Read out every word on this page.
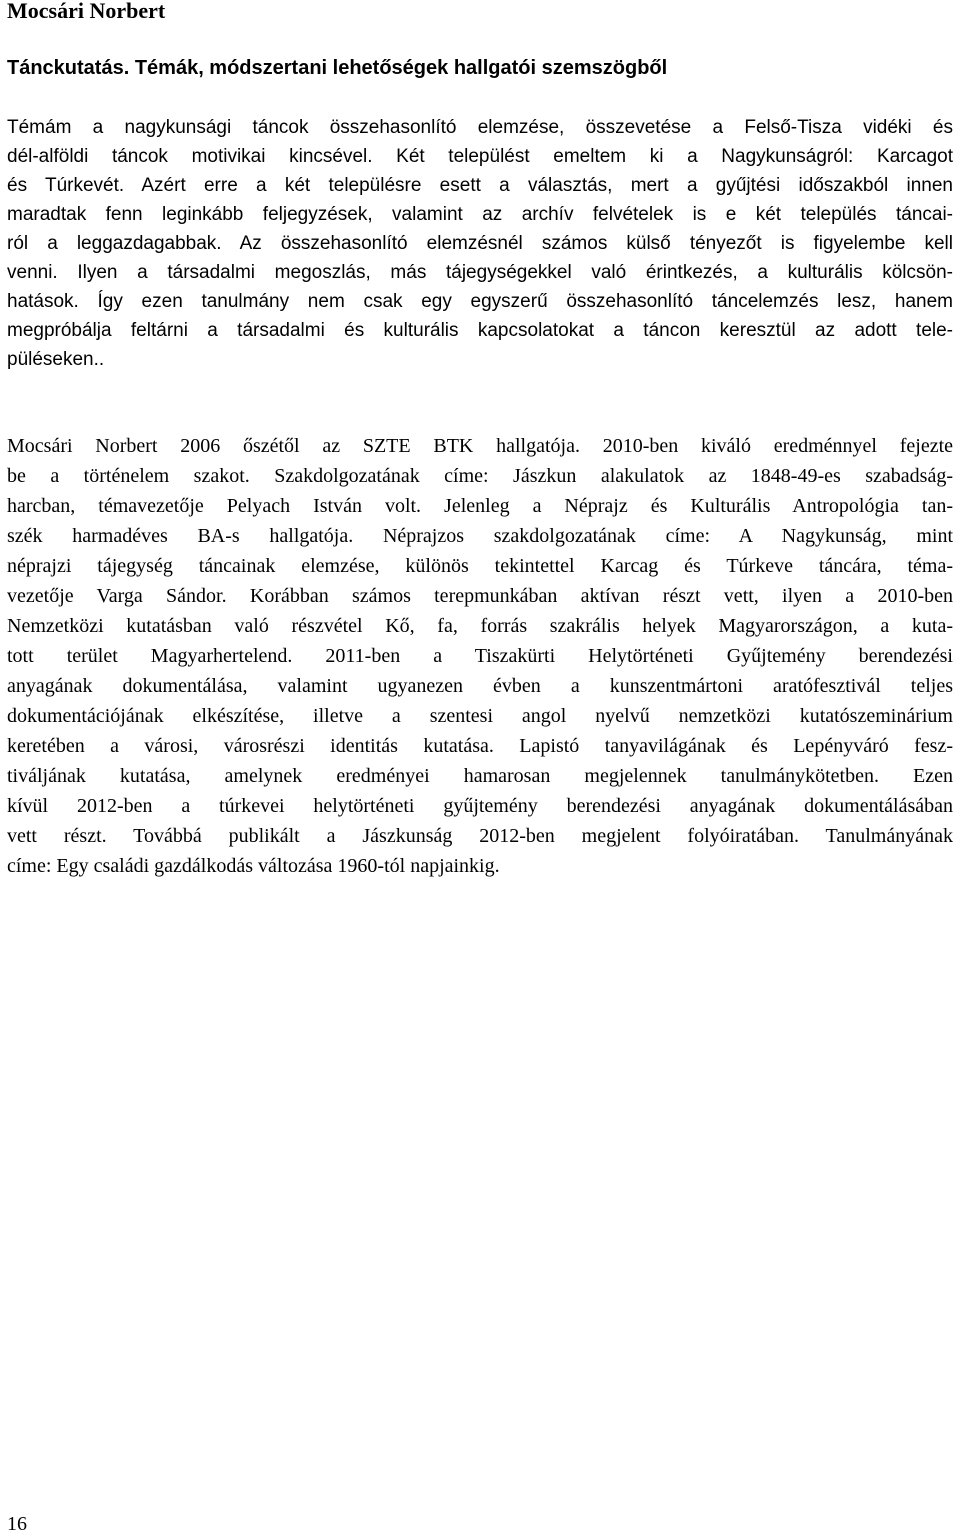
Mocsári Norbert
Tánckutatás. Témák, módszertani lehetőségek hallgatói szemszögből

Témám a nagykunsági táncok összehasonlító elemzése, összevetése a Felső-Tisza vidéki és
dél-alföldi táncok motivikai kincsével. Két települést emeltem ki a Nagykunságról: Karcagot
és Túrkevét. Azért erre a két településre esett a választás, mert a gyűjtési időszakból innen
maradtak fenn leginkább feljegyzések, valamint az archív felvételek is e két település táncai-
ról a leggazdagabbak. Az összehasonlító elemzésnél számos külső tényezőt is figyelembe kell
venni. Ilyen a társadalmi megoszlás, más tájegységekkel való érintkezés, a kulturális kölcsön-
hatások. Így ezen tanulmány nem csak egy egyszerű összehasonlító táncelemzés lesz, hanem
megpróbálja feltárni a társadalmi és kulturális kapcsolatokat a táncon keresztül az adott tele-
püléseken..

Mocsári Norbert 2006 őszétől az SZTE BTK hallgatója. 2010-ben kiváló eredménnyel fejezte
be a történelem szakot. Szakdolgozatának címe: Jászkun alakulatok az 1848-49-es szabadság-
harcban, témavezetője Pelyach István volt. Jelenleg a Néprajz és Kulturális Antropológia tan-
szék harmadéves BA-s hallgatója. Néprajzos szakdolgozatának címe: A Nagykunság, mint
néprajzi tájegység táncainak elemzése, különös tekintettel Karcag és Túrkeve táncára, téma-
vezetője Varga Sándor. Korábban számos terepmunkában aktívan részt vett, ilyen a 2010-ben
Nemzetközi kutatásban való részvétel Kő, fa, forrás szakrális helyek Magyarországon, a kuta-
tott terület Magyarhertelend. 2011-ben a Tiszakürti Helytörténeti Gyűjtemény berendezési
anyagának dokumentálása, valamint ugyanezen évben a kunszentmártoni aratófesztivál teljes
dokumentációjának elkészítése, illetve a szentesi angol nyelvű nemzetközi kutatószeminárium
keretében a városi, városrészi identitás kutatása. Lapistó tanyavilágának és Lepényváró fesz-
tiváljának kutatása, amelynek eredményei hamarosan megjelennek tanulmánykötetben. Ezen
kívül 2012-ben a túrkevei helytörténeti gyűjtemény berendezési anyagának dokumentálásában
vett részt. Továbbá publikált a Jászkunság 2012-ben megjelent folyóiratában. Tanulmányának
címe: Egy családi gazdálkodás változása 1960-tól napjainkig.

16
